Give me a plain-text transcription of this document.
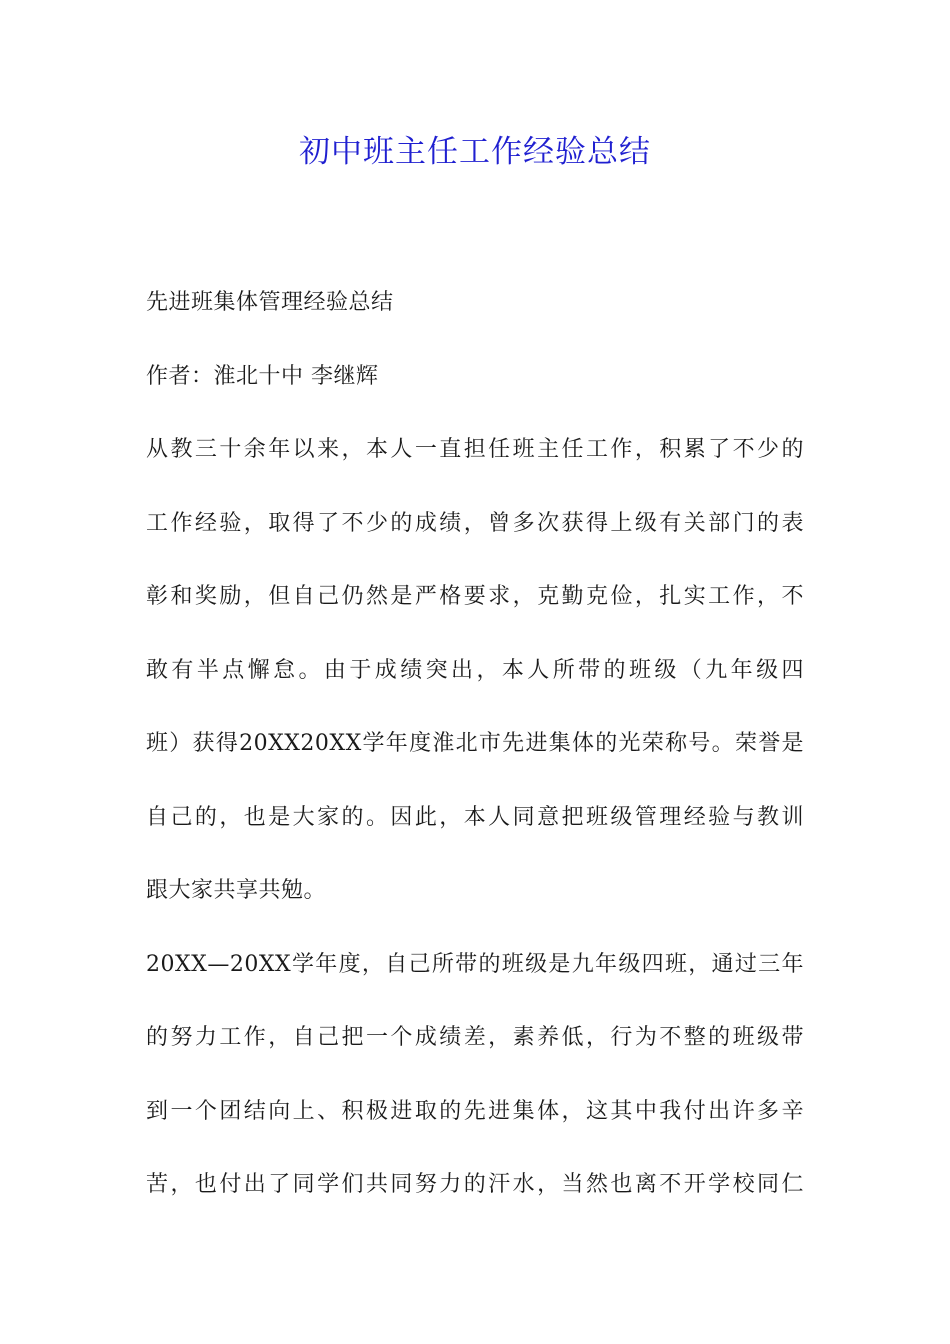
初中班主任工作经验总结
先进班集体管理经验总结
作者：淮北十中 李继辉
从教三十余年以来，本人一直担任班主任工作，积累了不少的
工作经验，取得了不少的成绩，曾多次获得上级有关部门的表
彰和奖励，但自己仍然是严格要求，克勤克俭，扎实工作，不
敢有半点懈怠。由于成绩突出，本人所带的班级（九年级四
班）获得20XX20XX学年度淮北市先进集体的光荣称号。荣誉是
自己的，也是大家的。因此，本人同意把班级管理经验与教训
跟大家共享共勉。
20XX—20XX学年度，自己所带的班级是九年级四班，通过三年
的努力工作，自己把一个成绩差，素养低，行为不整的班级带
到一个团结向上、积极进取的先进集体，这其中我付出许多辛
苦，也付出了同学们共同努力的汗水，当然也离不开学校同仁
